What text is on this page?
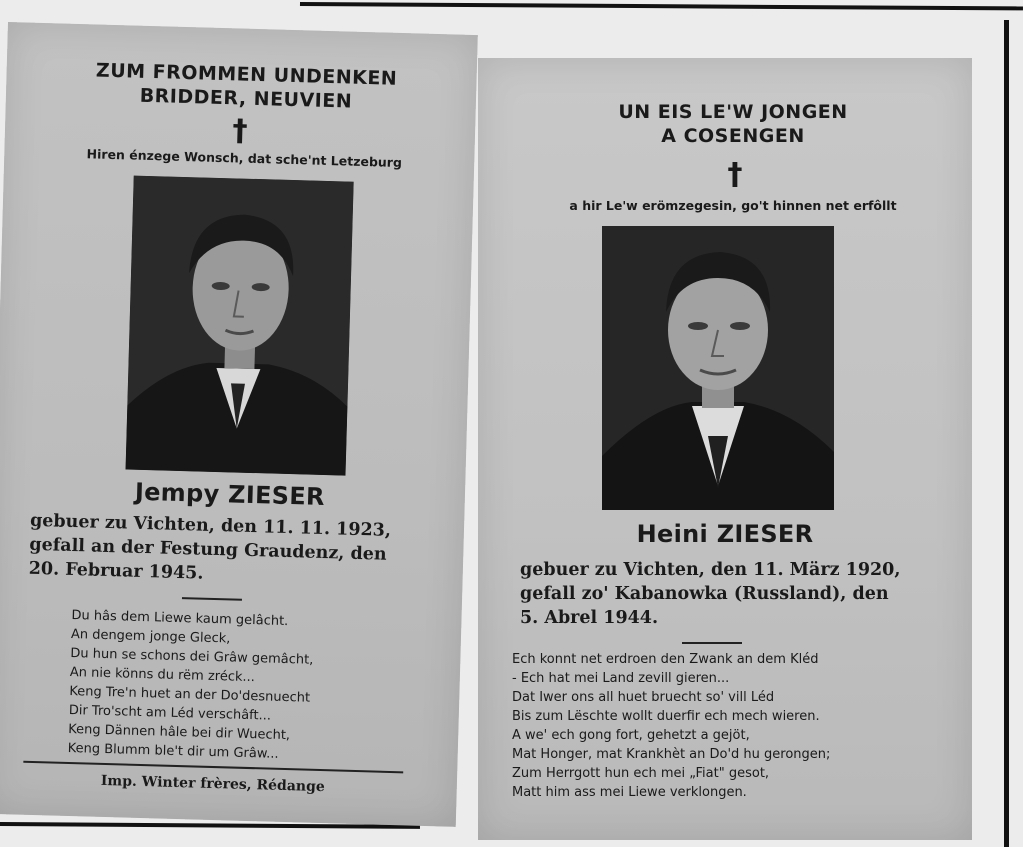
ZUM FROMMEN UNDENKEN
BRIDDER, NEUVIEN
†
Hiren énzege Wonsch, dat sche'nt Letzeburg
Jempy ZIESER
gebuer zu Vichten, den 11. 11. 1923,
gefall an der Festung Graudenz, den
20. Februar 1945.
Du hâs dem Liewe kaum gelâcht.
An dengem jonge Gleck,
Du hun se schons dei Grâw gemâcht,
An nie könns du rëm zréck...
Keng Tre'n huet an der Do'desnuecht
Dir Tro'scht am Léd verschâft...
Keng Dännen hâle bei dir Wuecht,
Keng Blumm ble't dir um Grâw...
Imp. Winter frères, Rédange
UN EIS LE'W JONGEN
A COSENGEN
†
a hir Le'w erömzegesin, go't hinnen net erfôllt
Heini ZIESER
gebuer zu Vichten, den 11. März 1920,
gefall zo' Kabanowka (Russland), den
5. Abrel 1944.
Ech konnt net erdroen den Zwank an dem Kléd
- Ech hat mei Land zevill gieren...
Dat Iwer ons all huet bruecht so' vill Léd
Bis zum Lëschte wollt duerfir ech mech wieren.
A we' ech gong fort, gehetzt a gejöt,
Mat Honger, mat Krankhèt an Do'd hu gerongen;
Zum Herrgott hun ech mei „Fiat" gesot,
Matt him ass mei Liewe verklongen.
